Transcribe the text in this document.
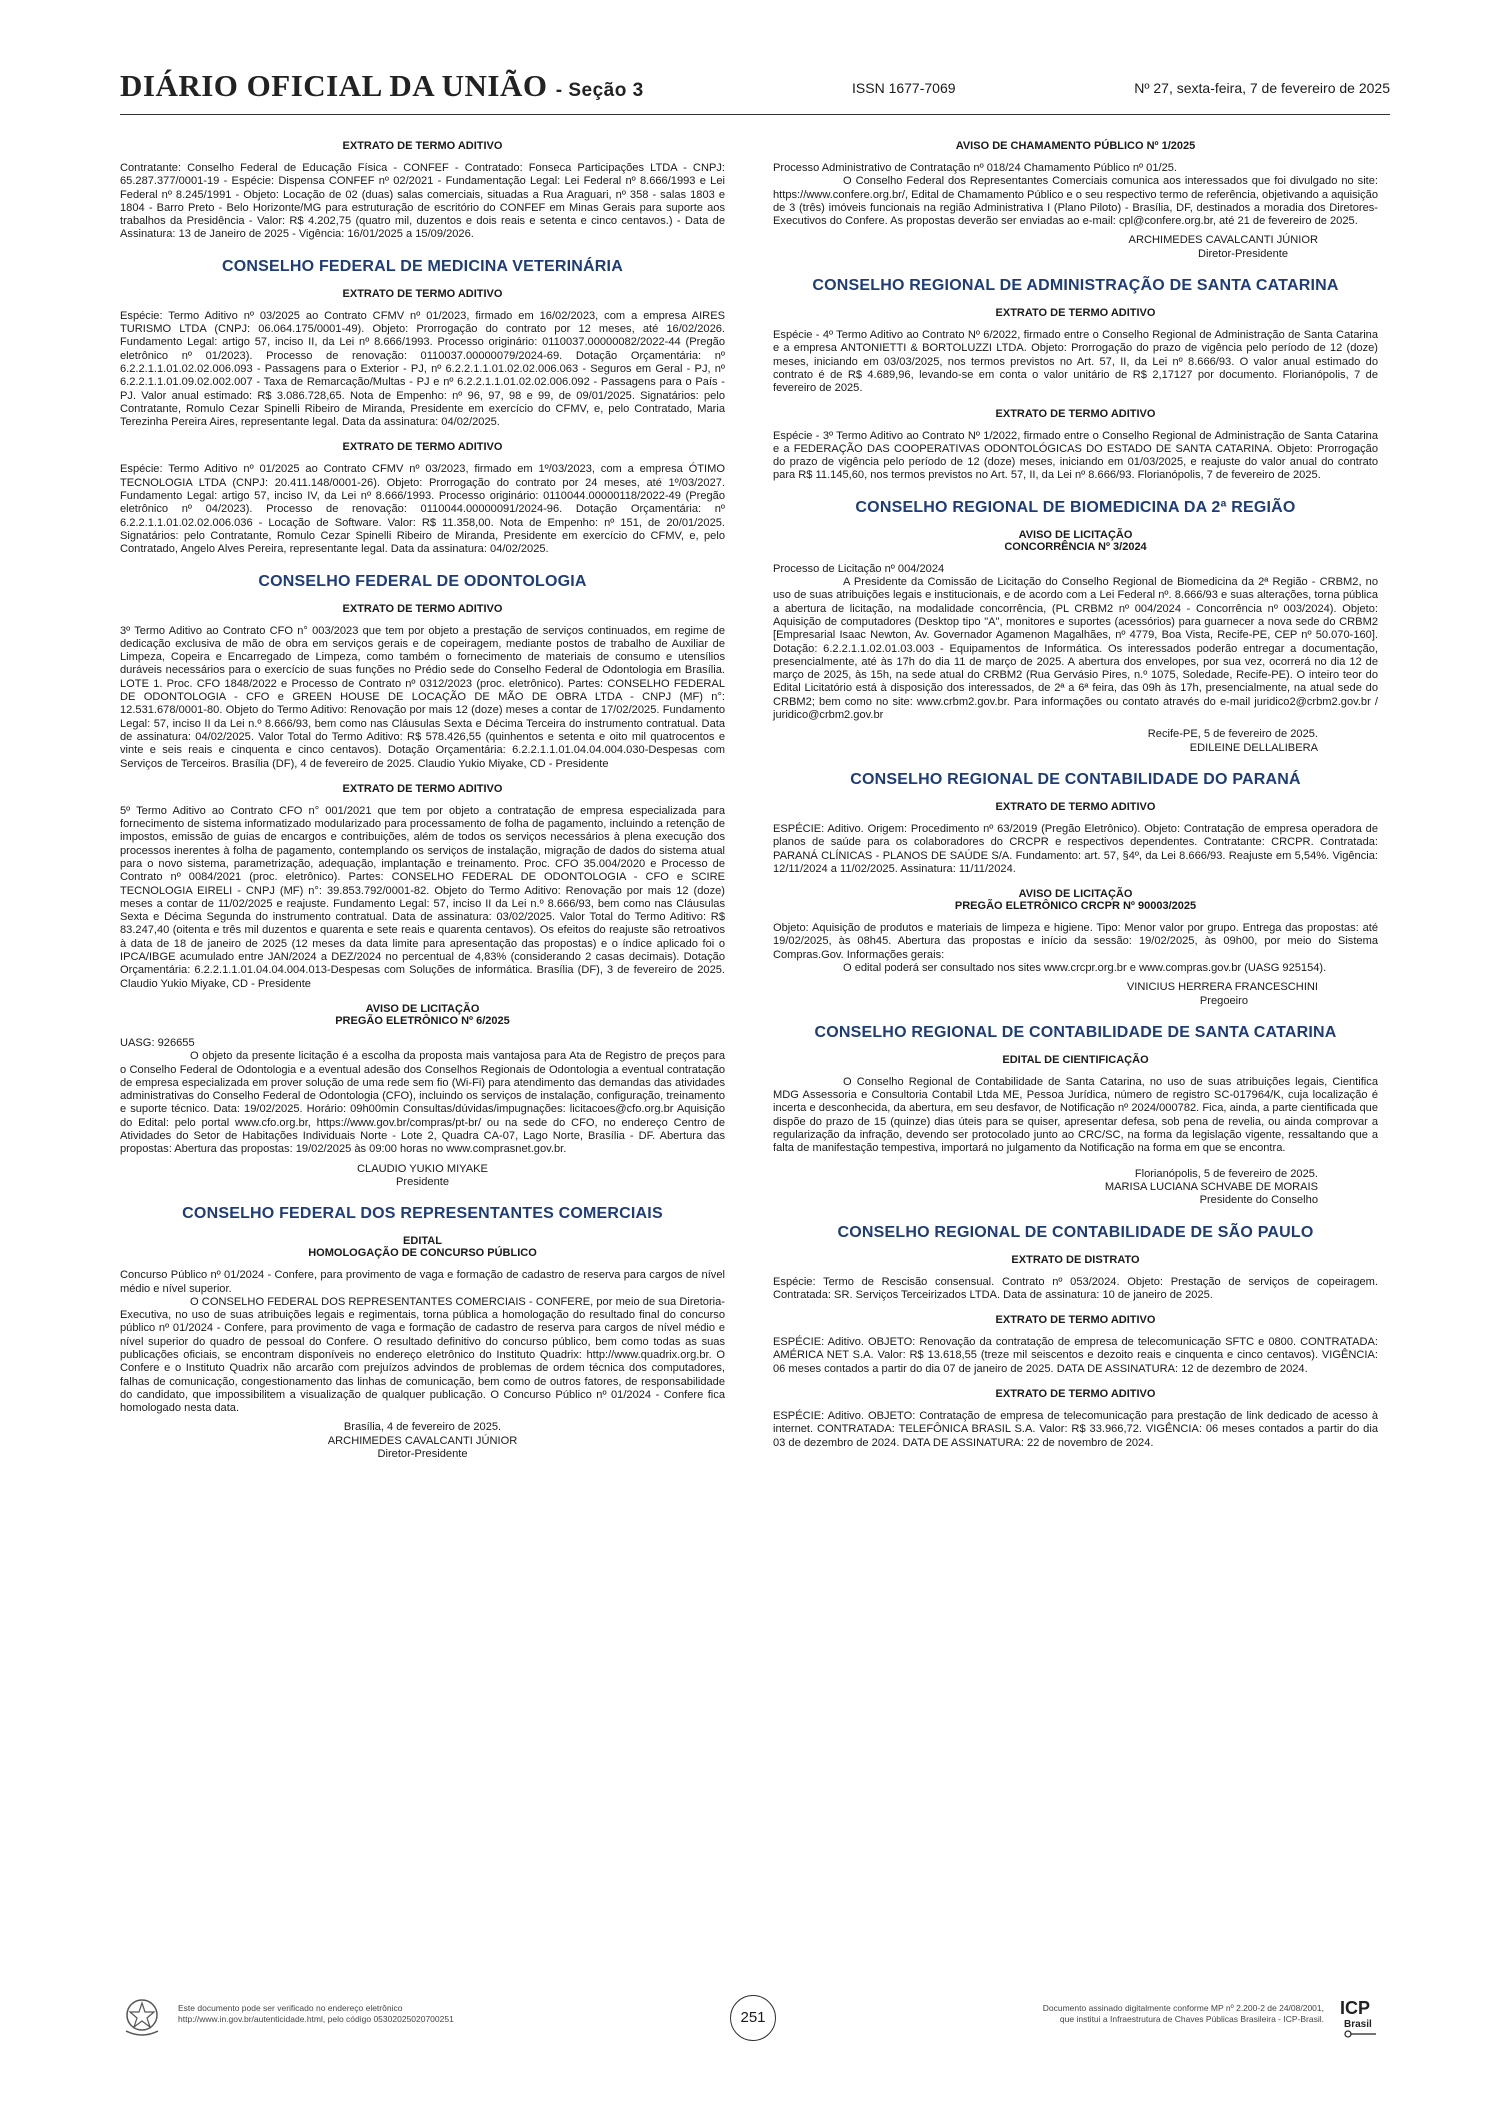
DIÁRIO OFICIAL DA UNIÃO - Seção 3	ISSN 1677-7069	Nº 27, sexta-feira, 7 de fevereiro de 2025
EXTRATO DE TERMO ADITIVO

Contratante: Conselho Federal de Educação Física - CONFEF - Contratado: Fonseca Participações LTDA - CNPJ: 65.287.377/0001-19 - Espécie: Dispensa CONFEF nº 02/2021 - Fundamentação Legal: Lei Federal nº 8.666/1993 e Lei Federal nº 8.245/1991 - Objeto: Locação de 02 (duas) salas comerciais, situadas a Rua Araguari, nº 358 - salas 1803 e 1804 - Barro Preto - Belo Horizonte/MG para estruturação de escritório do CONFEF em Minas Gerais para suporte aos trabalhos da Presidência - Valor: R$ 4.202,75 (quatro mil, duzentos e dois reais e setenta e cinco centavos.) - Data de Assinatura: 13 de Janeiro de 2025 - Vigência: 16/01/2025 a 15/09/2026.

CONSELHO FEDERAL DE MEDICINA VETERINÁRIA
EXTRATO DE TERMO ADITIVO

Espécie: Termo Aditivo nº 03/2025 ao Contrato CFMV nº 01/2023, firmado em 16/02/2023, com a empresa AIRES TURISMO LTDA (CNPJ: 06.064.175/0001-49). Objeto: Prorrogação do contrato por 12 meses, até 16/02/2026. Fundamento Legal: artigo 57, inciso II, da Lei nº 8.666/1993. Processo originário: 0110037.00000082/2022-44 (Pregão eletrônico nº 01/2023). Processo de renovação: 0110037.00000079/2024-69. Dotação Orçamentária: nº 6.2.2.1.1.01.02.02.006.093 - Passagens para o Exterior - PJ, nº 6.2.2.1.1.01.02.02.006.063 - Seguros em Geral - PJ, nº 6.2.2.1.1.01.09.02.002.007 - Taxa de Remarcação/Multas - PJ e nº 6.2.2.1.1.01.02.02.006.092 - Passagens para o País - PJ. Valor anual estimado: R$ 3.086.728,65. Nota de Empenho: nº 96, 97, 98 e 99, de 09/01/2025. Signatários: pelo Contratante, Romulo Cezar Spinelli Ribeiro de Miranda, Presidente em exercício do CFMV, e, pelo Contratado, Maria Terezinha Pereira Aires, representante legal. Data da assinatura: 04/02/2025.

EXTRATO DE TERMO ADITIVO

Espécie: Termo Aditivo nº 01/2025 ao Contrato CFMV nº 03/2023, firmado em 1º/03/2023, com a empresa ÓTIMO TECNOLOGIA LTDA (CNPJ: 20.411.148/0001-26). Objeto: Prorrogação do contrato por 24 meses, até 1º/03/2027. Fundamento Legal: artigo 57, inciso IV, da Lei nº 8.666/1993. Processo originário: 0110044.00000118/2022-49 (Pregão eletrônico nº 04/2023). Processo de renovação: 0110044.00000091/2024-96. Dotação Orçamentária: nº 6.2.2.1.1.01.02.02.006.036 - Locação de Software. Valor: R$ 11.358,00. Nota de Empenho: nº 151, de 20/01/2025. Signatários: pelo Contratante, Romulo Cezar Spinelli Ribeiro de Miranda, Presidente em exercício do CFMV, e, pelo Contratado, Angelo Alves Pereira, representante legal. Data da assinatura: 04/02/2025.

CONSELHO FEDERAL DE ODONTOLOGIA
EXTRATO DE TERMO ADITIVO

3º Termo Aditivo ao Contrato CFO n° 003/2023 que tem por objeto a prestação de serviços continuados, em regime de dedicação exclusiva de mão de obra em serviços gerais e de copeiragem, mediante postos de trabalho de Auxiliar de Limpeza, Copeira e Encarregado de Limpeza, como também o fornecimento de materiais de consumo e utensílios duráveis necessários para o exercício de suas funções no Prédio sede do Conselho Federal de Odontologia em Brasília. LOTE 1. Proc. CFO 1848/2022 e Processo de Contrato nº 0312/2023 (proc. eletrônico). Partes: CONSELHO FEDERAL DE ODONTOLOGIA - CFO e GREEN HOUSE DE LOCAÇÃO DE MÃO DE OBRA LTDA - CNPJ (MF) n°: 12.531.678/0001-80. Objeto do Termo Aditivo: Renovação por mais 12 (doze) meses a contar de 17/02/2025. Fundamento Legal: 57, inciso II da Lei n.º 8.666/93, bem como nas Cláusulas Sexta e Décima Terceira do instrumento contratual. Data de assinatura: 04/02/2025. Valor Total do Termo Aditivo: R$ 578.426,55 (quinhentos e setenta e oito mil quatrocentos e vinte e seis reais e cinquenta e cinco centavos). Dotação Orçamentária: 6.2.2.1.1.01.04.04.004.030-Despesas com Serviços de Terceiros. Brasília (DF), 4 de fevereiro de 2025. Claudio Yukio Miyake, CD - Presidente

EXTRATO DE TERMO ADITIVO

5º Termo Aditivo ao Contrato CFO n° 001/2021 que tem por objeto a contratação de empresa especializada para fornecimento de sistema informatizado modularizado para processamento de folha de pagamento, incluindo a retenção de impostos, emissão de guias de encargos e contribuições, além de todos os serviços necessários à plena execução dos processos inerentes à folha de pagamento, contemplando os serviços de instalação, migração de dados do sistema atual para o novo sistema, parametrização, adequação, implantação e treinamento. Proc. CFO 35.004/2020 e Processo de Contrato nº 0084/2021 (proc. eletrônico). Partes: CONSELHO FEDERAL DE ODONTOLOGIA - CFO e SCIRE TECNOLOGIA EIRELI - CNPJ (MF) n°: 39.853.792/0001-82. Objeto do Termo Aditivo: Renovação por mais 12 (doze) meses a contar de 11/02/2025 e reajuste. Fundamento Legal: 57, inciso II da Lei n.º 8.666/93, bem como nas Cláusulas Sexta e Décima Segunda do instrumento contratual. Data de assinatura: 03/02/2025. Valor Total do Termo Aditivo: R$ 83.247,40 (oitenta e três mil duzentos e quarenta e sete reais e quarenta centavos). Os efeitos do reajuste são retroativos à data de 18 de janeiro de 2025 (12 meses da data limite para apresentação das propostas) e o índice aplicado foi o IPCA/IBGE acumulado entre JAN/2024 a DEZ/2024 no percentual de 4,83% (considerando 2 casas decimais). Dotação Orçamentária: 6.2.2.1.1.01.04.04.004.013-Despesas com Soluções de informática. Brasília (DF), 3 de fevereiro de 2025. Claudio Yukio Miyake, CD - Presidente

AVISO DE LICITAÇÃO
PREGÃO ELETRÔNICO Nº 6/2025

UASG: 926655

O objeto da presente licitação é a escolha da proposta mais vantajosa para Ata de Registro de preços para o Conselho Federal de Odontologia e a eventual adesão dos Conselhos Regionais de Odontologia a eventual contratação de empresa especializada em prover solução de uma rede sem fio (Wi-Fi) para atendimento das demandas das atividades administrativas do Conselho Federal de Odontologia (CFO), incluindo os serviços de instalação, configuração, treinamento e suporte técnico. Data: 19/02/2025. Horário: 09h00min Consultas/dúvidas/impugnações: licitacoes@cfo.org.br Aquisição do Edital: pelo portal www.cfo.org.br, https://www.gov.br/compras/pt-br/ ou na sede do CFO, no endereço Centro de Atividades do Setor de Habitações Individuais Norte - Lote 2, Quadra CA-07, Lago Norte, Brasília - DF. Abertura das propostas: Abertura das propostas: 19/02/2025 às 09:00 horas no www.comprasnet.gov.br.

CLAUDIO YUKIO MIYAKE
Presidente
CONSELHO FEDERAL DOS REPRESENTANTES COMERCIAIS
EDITAL
HOMOLOGAÇÃO DE CONCURSO PÚBLICO

Concurso Público nº 01/2024 - Confere, para provimento de vaga e formação de cadastro de reserva para cargos de nível médio e nível superior.

O CONSELHO FEDERAL DOS REPRESENTANTES COMERCIAIS - CONFERE, por meio de sua Diretoria-Executiva, no uso de suas atribuições legais e regimentais, torna pública a homologação do resultado final do concurso público nº 01/2024 - Confere, para provimento de vaga e formação de cadastro de reserva para cargos de nível médio e nível superior do quadro de pessoal do Confere. O resultado definitivo do concurso público, bem como todas as suas publicações oficiais, se encontram disponíveis no endereço eletrônico do Instituto Quadrix: http://www.quadrix.org.br. O Confere e o Instituto Quadrix não arcarão com prejuízos advindos de problemas de ordem técnica dos computadores, falhas de comunicação, congestionamento das linhas de comunicação, bem como de outros fatores, de responsabilidade do candidato, que impossibilitem a visualização de qualquer publicação. O Concurso Público nº 01/2024 - Confere fica homologado nesta data.

Brasília, 4 de fevereiro de 2025.
ARCHIMEDES CAVALCANTI JÚNIOR
Diretor-Presidente
AVISO DE CHAMAMENTO PÚBLICO Nº 1/2025

Processo Administrativo de Contratação nº 018/24 Chamamento Público nº 01/25.

O Conselho Federal dos Representantes Comerciais comunica aos interessados que foi divulgado no site: https://www.confere.org.br/, Edital de Chamamento Público e o seu respectivo termo de referência, objetivando a aquisição de 3 (três) imóveis funcionais na região Administrativa I (Plano Piloto) - Brasília, DF, destinados a moradia dos Diretores-Executivos do Confere. As propostas deverão ser enviadas ao e-mail: cpl@confere.org.br, até 21 de fevereiro de 2025.

ARCHIMEDES CAVALCANTI JÚNIOR
Diretor-Presidente
CONSELHO REGIONAL DE ADMINISTRAÇÃO DE SANTA CATARINA
EXTRATO DE TERMO ADITIVO

Espécie - 4º Termo Aditivo ao Contrato Nº 6/2022, firmado entre o Conselho Regional de Administração de Santa Catarina e a empresa ANTONIETTI & BORTOLUZZI LTDA. Objeto: Prorrogação do prazo de vigência pelo período de 12 (doze) meses, iniciando em 03/03/2025, nos termos previstos no Art. 57, II, da Lei nº 8.666/93. O valor anual estimado do contrato é de R$ 4.689,96, levando-se em conta o valor unitário de R$ 2,17127 por documento. Florianópolis, 7 de fevereiro de 2025.

EXTRATO DE TERMO ADITIVO

Espécie - 3º Termo Aditivo ao Contrato Nº 1/2022, firmado entre o Conselho Regional de Administração de Santa Catarina e a FEDERAÇÃO DAS COOPERATIVAS ODONTOLÓGICAS DO ESTADO DE SANTA CATARINA. Objeto: Prorrogação do prazo de vigência pelo período de 12 (doze) meses, iniciando em 01/03/2025, e reajuste do valor anual do contrato para R$ 11.145,60, nos termos previstos no Art. 57, II, da Lei nº 8.666/93. Florianópolis, 7 de fevereiro de 2025.

CONSELHO REGIONAL DE BIOMEDICINA DA 2ª REGIÃO
AVISO DE LICITAÇÃO
CONCORRÊNCIA Nº 3/2024

Processo de Licitação nº 004/2024

A Presidente da Comissão de Licitação do Conselho Regional de Biomedicina da 2ª Região - CRBM2, no uso de suas atribuições legais e institucionais, e de acordo com a Lei Federal nº. 8.666/93 e suas alterações, torna pública a abertura de licitação, na modalidade concorrência, (PL CRBM2 nº 004/2024 - Concorrência nº 003/2024). Objeto: Aquisição de computadores (Desktop tipo "A", monitores e suportes (acessórios) para guarnecer a nova sede do CRBM2 [Empresarial Isaac Newton, Av. Governador Agamenon Magalhães, nº 4779, Boa Vista, Recife-PE, CEP nº 50.070-160]. Dotação: 6.2.2.1.1.02.01.03.003 - Equipamentos de Informática. Os interessados poderão entregar a documentação, presencialmente, até às 17h do dia 11 de março de 2025. A abertura dos envelopes, por sua vez, ocorrerá no dia 12 de março de 2025, às 15h, na sede atual do CRBM2 (Rua Gervásio Pires, n.º 1075, Soledade, Recife-PE). O inteiro teor do Edital Licitatório está à disposição dos interessados, de 2ª a 6ª feira, das 09h às 17h, presencialmente, na atual sede do CRBM2; bem como no site: www.crbm2.gov.br. Para informações ou contato através do e-mail juridico2@crbm2.gov.br / juridico@crbm2.gov.br

Recife-PE, 5 de fevereiro de 2025.
EDILEINE DELLALIBERA
CONSELHO REGIONAL DE CONTABILIDADE DO PARANÁ
EXTRATO DE TERMO ADITIVO

ESPÉCIE: Aditivo. Origem: Procedimento nº 63/2019 (Pregão Eletrônico). Objeto: Contratação de empresa operadora de planos de saúde para os colaboradores do CRCPR e respectivos dependentes. Contratante: CRCPR. Contratada: PARANÁ CLÍNICAS - PLANOS DE SAÚDE S/A. Fundamento: art. 57, §4º, da Lei 8.666/93. Reajuste em 5,54%. Vigência: 12/11/2024 a 11/02/2025. Assinatura: 11/11/2024.

AVISO DE LICITAÇÃO
PREGÃO ELETRÔNICO CRCPR Nº 90003/2025

Objeto: Aquisição de produtos e materiais de limpeza e higiene. Tipo: Menor valor por grupo. Entrega das propostas: até 19/02/2025, às 08h45. Abertura das propostas e início da sessão: 19/02/2025, às 09h00, por meio do Sistema Compras.Gov. Informações gerais:

O edital poderá ser consultado nos sites www.crcpr.org.br e www.compras.gov.br (UASG 925154).

VINICIUS HERRERA FRANCESCHINI
Pregoeiro
CONSELHO REGIONAL DE CONTABILIDADE DE SANTA CATARINA
EDITAL DE CIENTIFICAÇÃO

O Conselho Regional de Contabilidade de Santa Catarina, no uso de suas atribuições legais, Cientifica MDG Assessoria e Consultoria Contabil Ltda ME, Pessoa Jurídica, número de registro SC-017964/K, cuja localização é incerta e desconhecida, da abertura, em seu desfavor, de Notificação nº 2024/000782. Fica, ainda, a parte cientificada que dispõe do prazo de 15 (quinze) dias úteis para se quiser, apresentar defesa, sob pena de revelia, ou ainda comprovar a regularização da infração, devendo ser protocolado junto ao CRC/SC, na forma da legislação vigente, ressaltando que a falta de manifestação tempestiva, importará no julgamento da Notificação na forma em que se encontra.

Florianópolis, 5 de fevereiro de 2025.
MARISA LUCIANA SCHVABE DE MORAIS
Presidente do Conselho
CONSELHO REGIONAL DE CONTABILIDADE DE SÃO PAULO
EXTRATO DE DISTRATO

Espécie: Termo de Rescisão consensual. Contrato nº 053/2024. Objeto: Prestação de serviços de copeiragem. Contratada: SR. Serviços Terceirizados LTDA. Data de assinatura: 10 de janeiro de 2025.

EXTRATO DE TERMO ADITIVO

ESPÉCIE: Aditivo. OBJETO: Renovação da contratação de empresa de telecomunicação SFTC e 0800. CONTRATADA: AMÉRICA NET S.A. Valor: R$ 13.618,55 (treze mil seiscentos e dezoito reais e cinquenta e cinco centavos). VIGÊNCIA: 06 meses contados a partir do dia 07 de janeiro de 2025. DATA DE ASSINATURA: 12 de dezembro de 2024.

EXTRATO DE TERMO ADITIVO

ESPÉCIE: Aditivo. OBJETO: Contratação de empresa de telecomunicação para prestação de link dedicado de acesso à internet. CONTRATADA: TELEFÔNICA BRASIL S.A. Valor: R$ 33.966,72. VIGÊNCIA: 06 meses contados a partir do dia 03 de dezembro de 2024. DATA DE ASSINATURA: 22 de novembro de 2024.

Este documento pode ser verificado no endereço eletrônico
http://www.in.gov.br/autenticidade.html, pelo código 05302025020700251	251
Documento assinado digitalmente conforme MP nº 2.200-2 de 24/08/2001,
que institui a Infraestrutura de Chaves Públicas Brasileira - ICP-Brasil.
ICP
Brasil
